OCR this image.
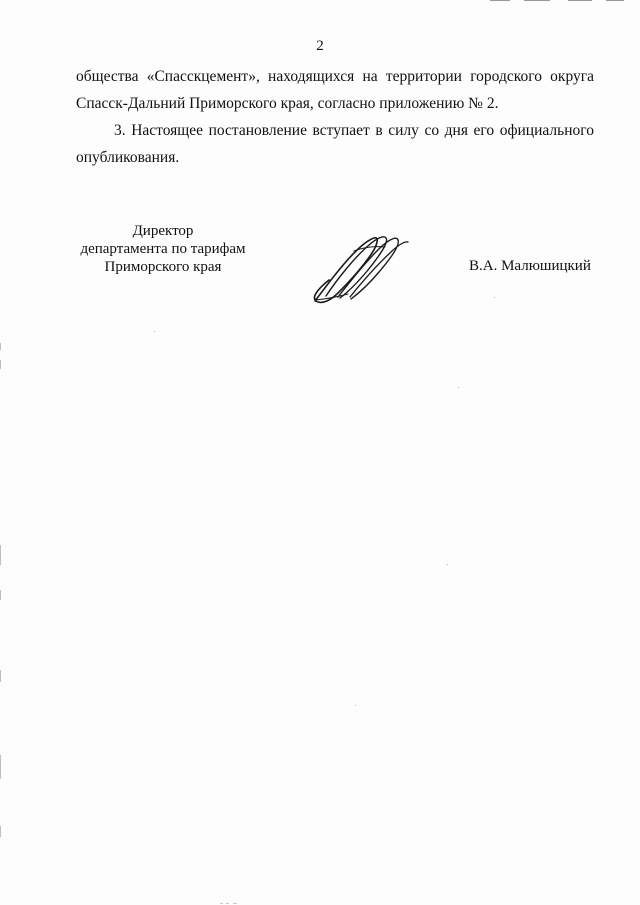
2
общества «Спасскцемент», находящихся на территории городского округа
Спасск-Дальний Приморского края, согласно приложению № 2.
3. Настоящее постановление вступает в силу со дня его официального
опубликования.
Директор
департамента по тарифам
Приморского края	В.А. Малюшицкий
